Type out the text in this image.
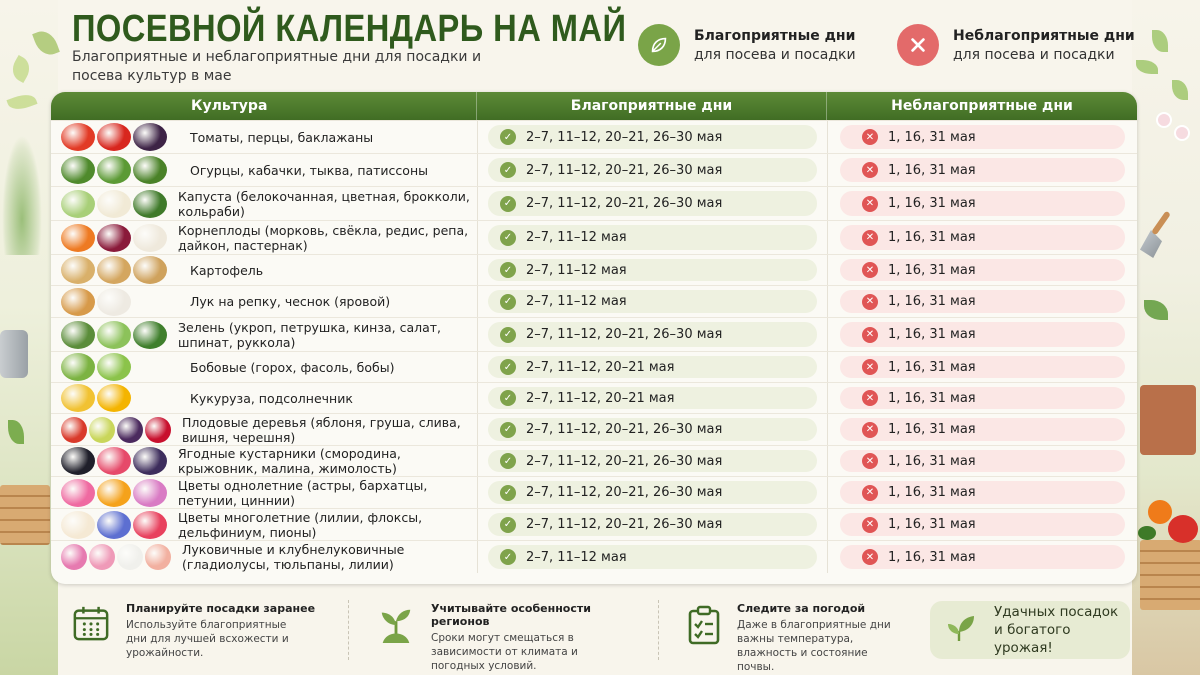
ПОСЕВНОЙ КАЛЕНДАРЬ НА МАЙ
Благоприятные и неблагоприятные дни для посадки и посева культур в мае
Благоприятные дни
для посева и посадки
Неблагоприятные дни
для посева и посадки
Культура	Благоприятные дни	Неблагоприятные дни
Томаты, перцы, баклажаны	✓ 2–7, 11–12, 20–21, 26–30 мая	✕ 1, 16, 31 мая
Огурцы, кабачки, тыква, патиссоны	✓ 2–7, 11–12, 20–21, 26–30 мая	✕ 1, 16, 31 мая
Капуста (белокочанная, цветная, брокколи, кольраби)	✓ 2–7, 11–12, 20–21, 26–30 мая	✕ 1, 16, 31 мая
Корнеплоды (морковь, свёкла, редис, репа, дайкон, пастернак)	✓ 2–7, 11–12 мая	✕ 1, 16, 31 мая
Картофель	✓ 2–7, 11–12 мая	✕ 1, 16, 31 мая
Лук на репку, чеснок (яровой)	✓ 2–7, 11–12 мая	✕ 1, 16, 31 мая
Зелень (укроп, петрушка, кинза, салат, шпинат, руккола)	✓ 2–7, 11–12, 20–21, 26–30 мая	✕ 1, 16, 31 мая
Бобовые (горох, фасоль, бобы)	✓ 2–7, 11–12, 20–21 мая	✕ 1, 16, 31 мая
Кукуруза, подсолнечник	✓ 2–7, 11–12, 20–21 мая	✕ 1, 16, 31 мая
Плодовые деревья (яблоня, груша, слива, вишня, черешня)	✓ 2–7, 11–12, 20–21, 26–30 мая	✕ 1, 16, 31 мая
Ягодные кустарники (смородина, крыжовник, малина, жимолость)	✓ 2–7, 11–12, 20–21, 26–30 мая	✕ 1, 16, 31 мая
Цветы однолетние (астры, бархатцы, петунии, циннии)	✓ 2–7, 11–12, 20–21, 26–30 мая	✕ 1, 16, 31 мая
Цветы многолетние (лилии, флоксы, дельфиниум, пионы)	✓ 2–7, 11–12, 20–21, 26–30 мая	✕ 1, 16, 31 мая
Луковичные и клубнелуковичные (гладиолусы, тюльпаны, лилии)	✓ 2–7, 11–12 мая	✕ 1, 16, 31 мая
Планируйте посадки заранее
Используйте благоприятные дни для лучшей всхожести и урожайности.
Учитывайте особенности регионов
Сроки могут смещаться в зависимости от климата и погодных условий.
Следите за погодой
Даже в благоприятные дни важны температура, влажность и состояние почвы.
Удачных посадок и богатого урожая!
